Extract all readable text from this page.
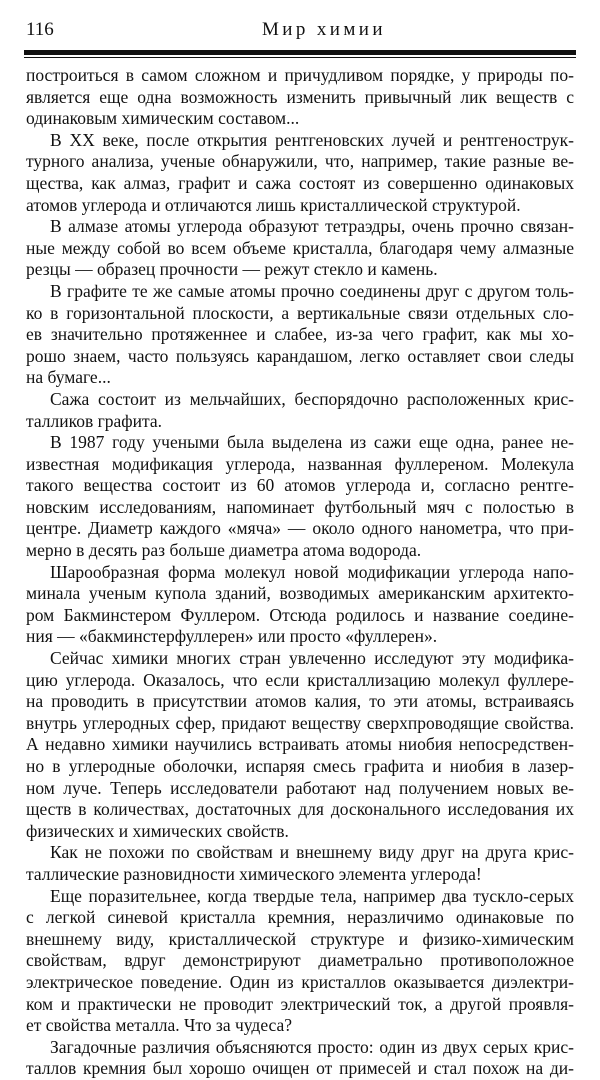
116	Мир химии
построиться в самом сложном и причудливом порядке, у природы по-
является еще одна возможность изменить привычный лик веществ с
одинаковым химическим составом...
В XX веке, после открытия рентгеновских лучей и рентгенострук-
турного анализа, ученые обнаружили, что, например, такие разные ве-
щества, как алмаз, графит и сажа состоят из совершенно одинаковых
атомов углерода и отличаются лишь кристаллической структурой.
В алмазе атомы углерода образуют тетраэдры, очень прочно связан-
ные между собой во всем объеме кристалла, благодаря чему алмазные
резцы — образец прочности — режут стекло и камень.
В графите те же самые атомы прочно соединены друг с другом толь-
ко в горизонтальной плоскости, а вертикальные связи отдельных сло-
ев значительно протяженнее и слабее, из-за чего графит, как мы хо-
рошо знаем, часто пользуясь карандашом, легко оставляет свои следы
на бумаге...
Сажа состоит из мельчайших, беспорядочно расположенных крис-
талликов графита.
В 1987 году учеными была выделена из сажи еще одна, ранее не-
известная модификация углерода, названная фуллереном. Молекула
такого вещества состоит из 60 атомов углерода и, согласно рентге-
новским исследованиям, напоминает футбольный мяч с полостью в
центре. Диаметр каждого «мяча» — около одного нанометра, что при-
мерно в десять раз больше диаметра атома водорода.
Шарообразная форма молекул новой модификации углерода напо-
минала ученым купола зданий, возводимых американским архитекто-
ром Бакминстером Фуллером. Отсюда родилось и название соедине-
ния — «бакминстерфуллерен» или просто «фуллерен».
Сейчас химики многих стран увлеченно исследуют эту модифика-
цию углерода. Оказалось, что если кристаллизацию молекул фуллере-
на проводить в присутствии атомов калия, то эти атомы, встраиваясь
внутрь углеродных сфер, придают веществу сверхпроводящие свойства.
А недавно химики научились встраивать атомы ниобия непосредствен-
но в углеродные оболочки, испаряя смесь графита и ниобия в лазер-
ном луче. Теперь исследователи работают над получением новых ве-
ществ в количествах, достаточных для досконального исследования их
физических и химических свойств.
Как не похожи по свойствам и внешнему виду друг на друга крис-
таллические разновидности химического элемента углерода!
Еще поразительнее, когда твердые тела, например два тускло-серых
с легкой синевой кристалла кремния, неразличимо одинаковые по
внешнему виду, кристаллической структуре и физико-химическим
свойствам, вдруг демонстрируют диаметрально противоположное
электрическое поведение. Один из кристаллов оказывается диэлектри-
ком и практически не проводит электрический ток, а другой проявля-
ет свойства металла. Что за чудеса?
Загадочные различия объясняются просто: один из двух серых крис-
таллов кремния был хорошо очищен от примесей и стал похож на ди-
